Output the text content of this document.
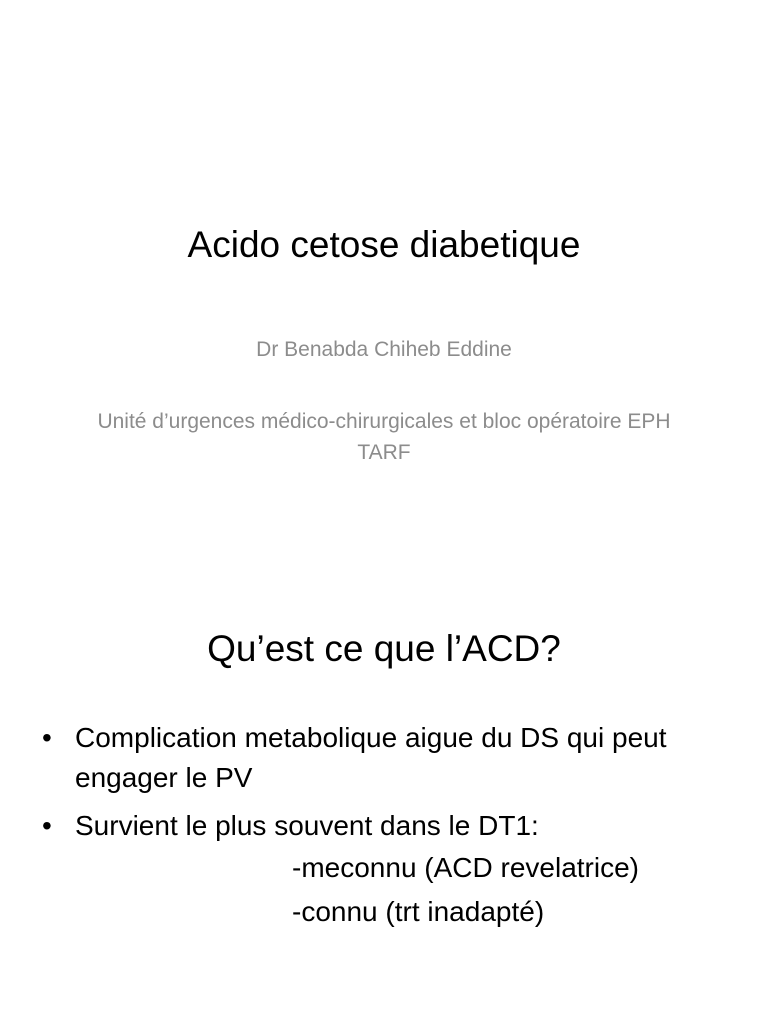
Acido cetose diabetique
Dr Benabda Chiheb Eddine
Unité d’urgences médico-chirurgicales et bloc opératoire EPH TARF
Qu’est ce que l’ACD?
• Complication metabolique aigue du DS qui peut engager le PV
• Survient le plus souvent dans le DT1:
-meconnu (ACD revelatrice)
-connu (trt inadapté)
